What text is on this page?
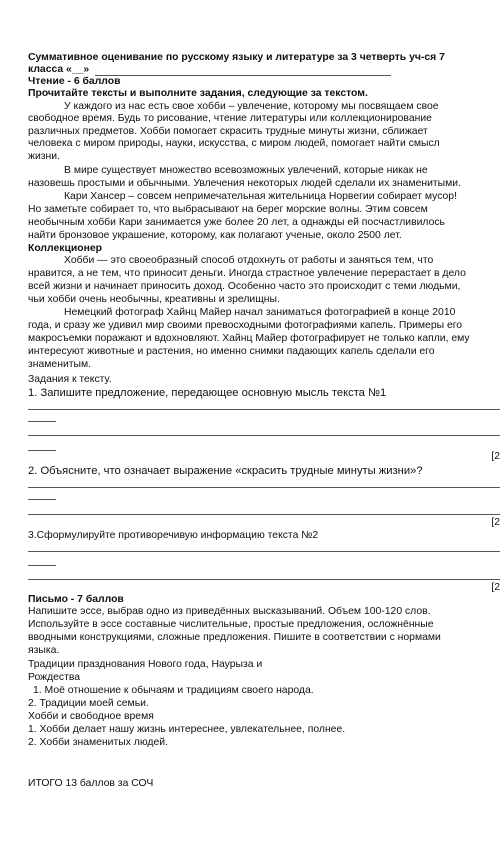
Суммативное оценивание по русскому языку и литературе за 3 четверть уч-ся 7
класса «__»
Чтение - 6 баллов
Прочитайте тексты и выполните задания, следующие за текстом.
У каждого из нас есть свое хобби – увлечение, которому мы посвящаем свое
свободное время. Будь то рисование, чтение литературы или коллекционирование
различных предметов. Хобби помогает скрасить трудные минуты жизни, сближает
человека с миром природы, науки, искусства, с миром людей, помогает найти смысл
жизни.
В мире существует множество всевозможных увлечений, которые никак не
назовешь простыми и обычными. Увлечения некоторых людей сделали их знаменитыми.
Кари Хансер – совсем непримечательная жительница Норвегии собирает мусор!
Но заметьте собирает то, что выбрасывают на берег морские волны. Этим совсем
необычным хобби Кари занимается уже более 20 лет, а однажды ей посчастливилось
найти бронзовое украшение, которому, как полагают ученые, около 2500 лет.
Коллекционер
Хобби — это своеобразный способ отдохнуть от работы и заняться тем, что
нравится, а не тем, что приносит деньги. Иногда страстное увлечение перерастает в дело
всей жизни и начинает приносить доход. Особенно часто это происходит с теми людьми,
чьи хобби очень необычны, креативны и зрелищны.
Немецкий фотограф Хайнц Майер начал заниматься фотографией в конце 2010
года, и сразу же удивил мир своими превосходными фотографиями капель. Примеры его
макросъемки поражают и вдохновляют. Хайнц Майер фотографирует не только капли, ему
интересуют животные и растения, но именно снимки падающих капель сделали его
знаменитым.
Задания к тексту.
1. Запишите предложение, передающее основную мысль текста №1
[2
2. Объясните, что означает выражение «скрасить трудные минуты жизни»?
[2
3.Сформулируйте противоречивую информацию текста №2
[2
Письмо - 7 баллов
Напишите эссе, выбрав одно из приведённых высказываний. Объем 100-120 слов.
Используйте в эссе составные числительные, простые предложения, осложнённые
вводными конструкциями, сложные предложения. Пишите в соответствии с нормами
языка.
Традиции празднования Нового года, Наурыза и
Рождества
1. Моё отношение к обычаям и традициям своего народа.
2. Традиции моей семьи.
Хобби и свободное время
1. Хобби делает нашу жизнь интереснее, увлекательнее, полнее.
2. Хобби знаменитых людей.
ИТОГО 13 баллов за СОЧ
